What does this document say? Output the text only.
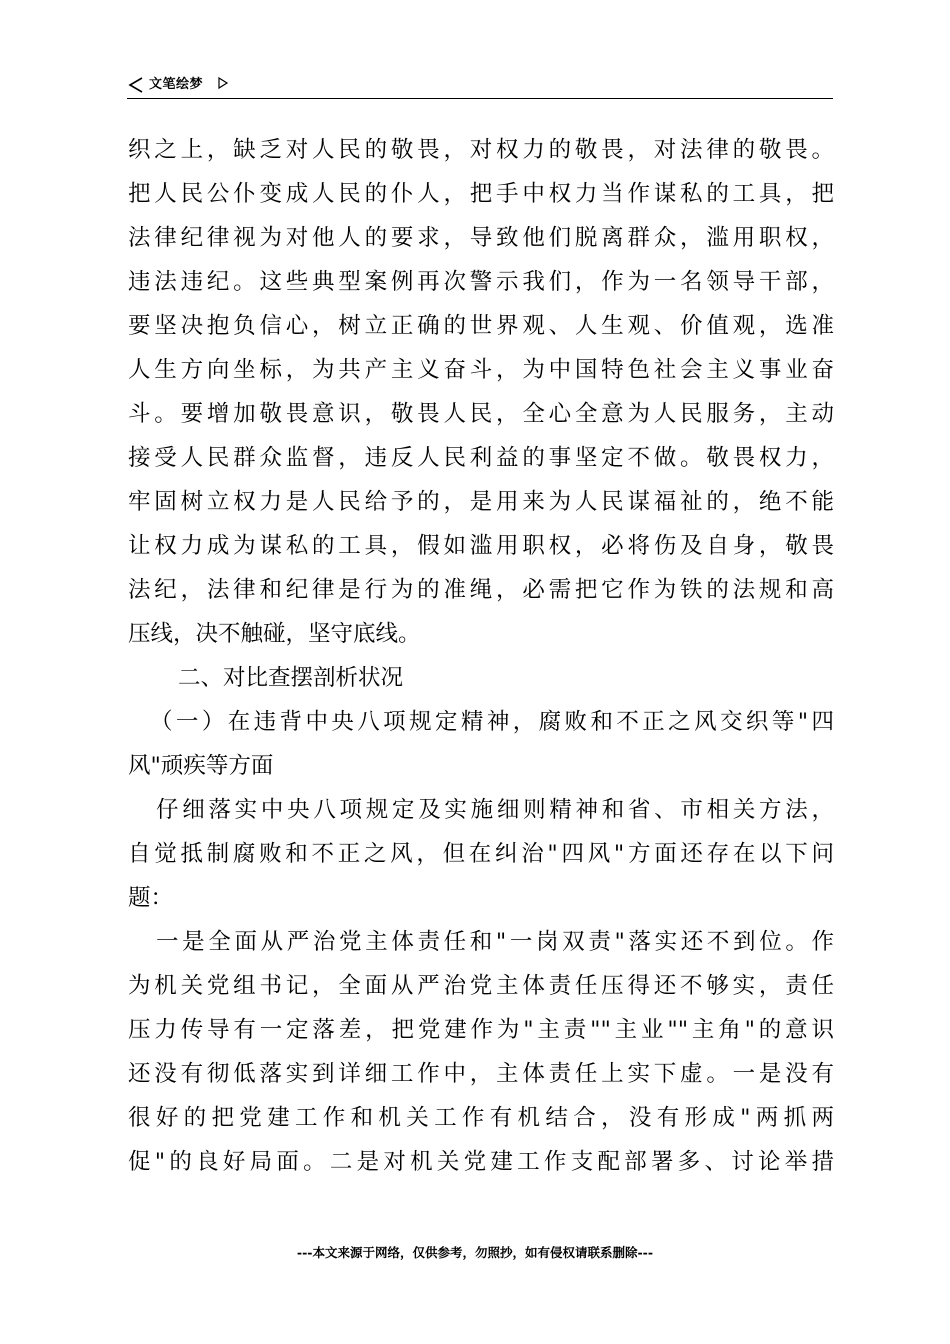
文笔绘梦
织之上，缺乏对人民的敬畏，对权力的敬畏，对法律的敬畏。
把人民公仆变成人民的仆人，把手中权力当作谋私的工具，把
法律纪律视为对他人的要求，导致他们脱离群众，滥用职权，
违法违纪。这些典型案例再次警示我们，作为一名领导干部，
要坚决抱负信心，树立正确的世界观、人生观、价值观，选准
人生方向坐标，为共产主义奋斗，为中国特色社会主义事业奋
斗。要增加敬畏意识，敬畏人民，全心全意为人民服务，主动
接受人民群众监督，违反人民利益的事坚定不做。敬畏权力，
牢固树立权力是人民给予的，是用来为人民谋福祉的，绝不能
让权力成为谋私的工具，假如滥用职权，必将伤及自身，敬畏
法纪，法律和纪律是行为的准绳，必需把它作为铁的法规和高
压线，决不触碰，坚守底线。
二、对比查摆剖析状况
（一）在违背中央八项规定精神，腐败和不正之风交织等"四
风"顽疾等方面
仔细落实中央八项规定及实施细则精神和省、市相关方法，
自觉抵制腐败和不正之风，但在纠治"四风"方面还存在以下问
题：
一是全面从严治党主体责任和"一岗双责"落实还不到位。作
为机关党组书记，全面从严治党主体责任压得还不够实，责任
压力传导有一定落差，把党建作为"主责""主业""主角"的意识
还没有彻低落实到详细工作中，主体责任上实下虚。一是没有
很好的把党建工作和机关工作有机结合，没有形成"两抓两
促"的良好局面。二是对机关党建工作支配部署多、讨论举措
---本文来源于网络，仅供参考，勿照抄，如有侵权请联系删除---
